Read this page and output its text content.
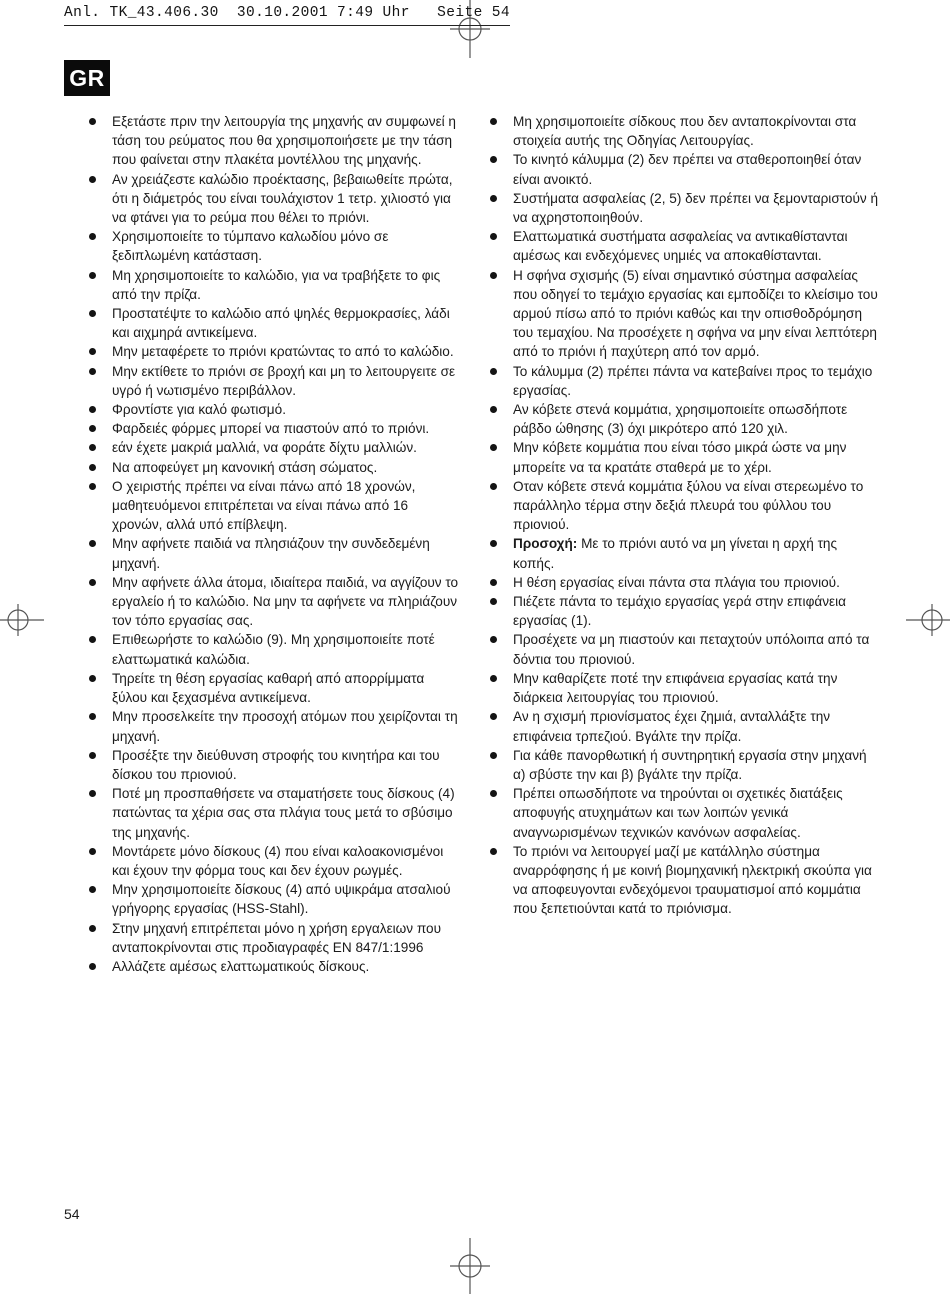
Anl. TK_43.406.30  30.10.2001 7:49 Uhr   Seite 54
GR
Εξετάστε πριν την λειτουργία της μηχανής αν συμφωνεί η τάση του ρεύματος που θα χρησιμοποιήσετε με την τάση που φαίνεται στην πλακέτα μοντέλλου της μηχανής.
Αν χρειάζεστε καλώδιο προέκτασης, βεβαιωθείτε πρώτα, ότι η διάμετρός του είναι τουλάχιστον 1 τετρ. χιλιοστό για να φτάνει για το ρεύμα που θέλει το πριόνι.
Χρησιμοποιείτε το τύμπανο καλωδίου μόνο σε ξεδιπλωμένη κατάσταση.
Μη χρησιμοποιείτε το καλώδιο, για να τραβήξετε το φις από την πρίζα.
Προστατέψτε το καλώδιο από ψηλές θερμοκρασίες, λάδι και αιχμηρά αντικείμενα.
Μην μεταφέρετε το πριόνι κρατώντας το από το καλώδιο.
Μην εκτίθετε το πριόνι σε βροχή και μη το λειτουργειτε σε υγρό ή νωτισμένο περιβάλλον.
Φροντίστε για καλό φωτισμό.
Φαρδειές φόρμες μπορεί να πιαστούν από το πριόνι.
εάν έχετε μακριά μαλλιά, να φοράτε δίχτυ μαλλιών.
Να αποφεύγετ μη κανονική στάση σώματος.
Ο χειριστής πρέπει να είναι πάνω από 18 χρονών, μαθητευόμενοι επιτρέπεται να είναι πάνω από 16 χρονών, αλλά υπό επίβλεψη.
Μην αφήνετε παιδιά να πλησιάζουν την συνδεδεμένη μηχανή.
Μην αφήνετε άλλα άτομα, ιδιαίτερα παιδιά, να αγγίζουν το εργαλείο ή το καλώδιο. Να μην τα αφήνετε να πληριάζουν τον τόπο εργασίας σας.
Επιθεωρήστε το καλώδιο (9). Μη χρησιμοποιείτε ποτέ ελαττωματικά καλώδια.
Τηρείτε τη θέση εργασίας καθαρή από απορρίμματα ξύλου και ξεχασμένα αντικείμενα.
Μην προσελκείτε την προσοχή ατόμων που χειρίζονται τη μηχανή.
Προσέξτε την διεύθυνση στροφής του κινητήρα και του δίσκου του πριονιού.
Ποτέ μη προσπαθήσετε να σταματήσετε τους δίσκους (4) πατώντας τα χέρια σας στα πλάγια τους μετά το σβύσιμο της μηχανής.
Μοντάρετε μόνο δίσκους (4) που είναι καλοακονισμένοι και έχουν την φόρμα τους και δεν έχουν ρωγμές.
Μην χρησιμοποιείτε δίσκους (4) από υψικράμα ατσαλιού γρήγορης εργασίας (HSS-Stahl).
Στην μηχανή επιτρέπεται μόνο η χρήση εργαλειων που ανταποκρίνονται στις προδιαγραφές EN 847/1:1996
Αλλάζετε αμέσως ελαττωματικούς δίσκους.
Μη χρησιμοποιείτε σίδκους που δεν ανταποκρίνονται στα στοιχεία αυτής της Οδηγίας Λειτουργίας.
Το κινητό κάλυμμα (2) δεν πρέπει να σταθεροποιηθεί όταν είναι ανοικτό.
Συστήματα ασφαλείας (2, 5) δεν πρέπει να ξεμονταριστούν ή να αχρηστοποιηθούν.
Ελαττωματικά συστήματα ασφαλείας να αντικαθίστανται αμέσως και ενδεχόμενες υημιές να αποκαθίστανται.
Η σφήνα σχισμής (5) είναι σημαντικό σύστημα ασφαλείας που οδηγεί το τεμάχιο εργασίας και εμποδίζει το κλείσιμο του αρμού πίσω από το πριόνι καθώς και την οπισθοδρόμηση του τεμαχίου. Να προσέχετε η σφήνα να μην είναι λεπτότερη από το πριόνι ή παχύτερη από τον αρμό.
Το κάλυμμα (2) πρέπει πάντα να κατεβαίνει προς το τεμάχιο εργασίας.
Αν κόβετε στενά κομμάτια, χρησιμοποιείτε οπωσδήποτε ράβδο ώθησης (3) όχι μικρότερο από 120 χιλ.
Μην κόβετε κομμάτια που είναι τόσο μικρά ώστε να μην μπορείτε να τα κρατάτε σταθερά με το χέρι.
Οταν κόβετε στενά κομμάτια ξύλου να είναι στερεωμένο το παράλληλο τέρμα στην δεξιά πλευρά του φύλλου του πριονιού.
Προσοχή: Με το πριόνι αυτό να μη γίνεται η αρχή της κοπής.
Η θέση εργασίας είναι πάντα στα πλάγια του πριονιού.
Πιέζετε πάντα το τεμάχιο εργασίας γερά στην επιφάνεια εργασίας (1).
Προσέχετε να μη πιαστούν και πεταχτούν υπόλοιπα από τα δόντια του πριονιού.
Μην καθαρίζετε ποτέ την επιφάνεια εργασίας κατά την διάρκεια λειτουργίας του πριονιού.
Αν η σχισμή πριονίσματος έχει ζημιά, ανταλλάξτε την επιφάνεια τρπεζιού. Βγάλτε την πρίζα.
Για κάθε πανορθωτική ή συντηρητική εργασία στην μηχανή α) σβύστε την και β) βγάλτε την πρίζα.
Πρέπει οπωσδήποτε να τηρούνται οι σχετικές διατάξεις αποφυγής ατυχημάτων και των λοιπών γενικά αναγνωρισμένων τεχνικών κανόνων ασφαλείας.
Το πριόνι να λειτουργεί μαζί με κατάλληλο σύστημα αναρρόφησης ή με κοινή βιομηχανική ηλεκτρική σκούπα για να αποφευγονται ενδεχόμενοι τραυματισμοί από κομμάτια που ξεπετιούνται κατά το πριόνισμα.
54
